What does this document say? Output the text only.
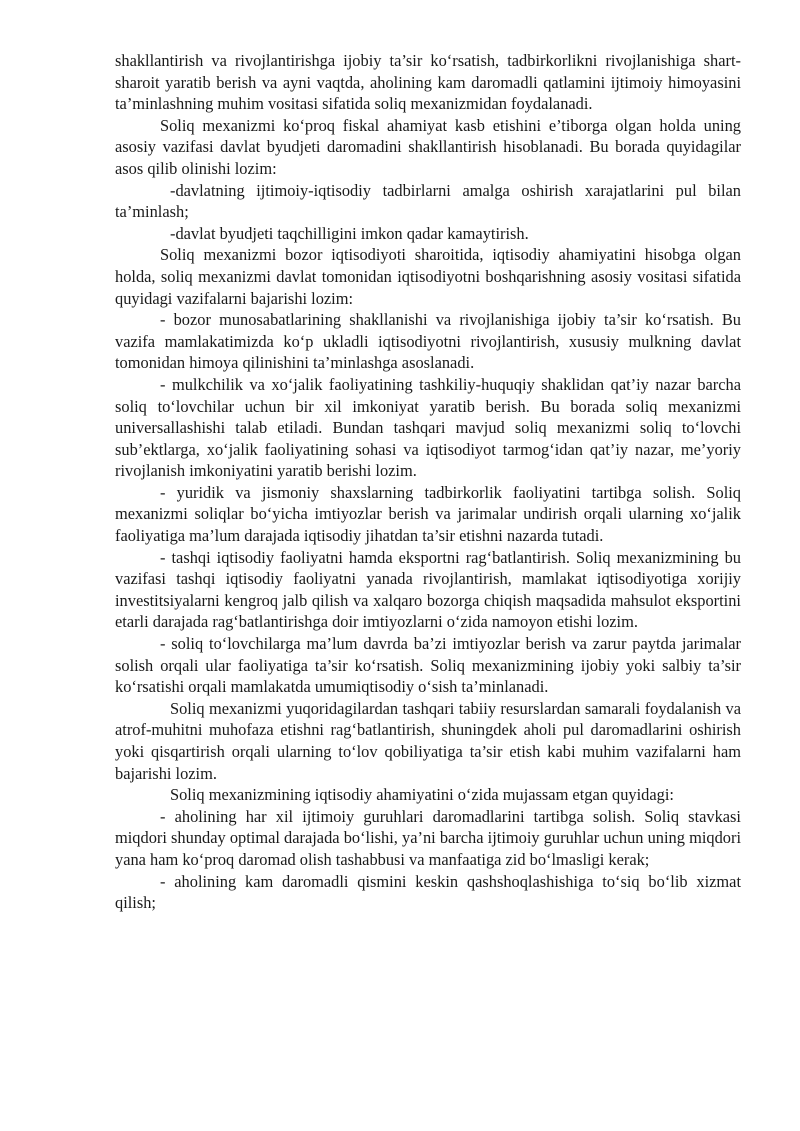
shakllantirish va rivojlantirishga ijobiy ta’sir ko‘rsatish, tadbirkorlikni rivojlanishiga shart-sharoit yaratib berish va ayni vaqtda, aholining kam daromadli qatlamini ijtimoiy himoyasini ta’minlashning muhim vositasi sifatida soliq mexanizmidan foydalanadi.

Soliq mexanizmi ko‘proq fiskal ahamiyat kasb etishini e’tiborga olgan holda uning asosiy vazifasi davlat byudjeti daromadini shakllantirish hisoblanadi. Bu borada quyidagilar asos qilib olinishi lozim:

-davlatning ijtimoiy-iqtisodiy tadbirlarni amalga oshirish xarajatlarini pul bilan ta’minlash;

-davlat byudjeti taqchilligini imkon qadar kamaytirish.

Soliq mexanizmi bozor iqtisodiyoti sharoitida, iqtisodiy ahamiyatini hisobga olgan holda, soliq mexanizmi davlat tomonidan iqtisodiyotni boshqarishning asosiy vositasi sifatida quyidagi vazifalarni bajarishi lozim:

- bozor munosabatlarining shakllanishi va rivojlanishiga ijobiy ta’sir ko‘rsatish. Bu vazifa mamlakatimizda ko‘p ukladli iqtisodiyotni rivojlantirish, xususiy mulkning davlat tomonidan himoya qilinishini ta’minlashga asoslanadi.

- mulkchilik va xo‘jalik faoliyatining tashkiliy-huquqiy shaklidan qat’iy nazar barcha soliq to‘lovchilar uchun bir xil imkoniyat yaratib berish. Bu borada soliq mexanizmi universallashishi talab etiladi. Bundan tashqari mavjud soliq mexanizmi soliq to‘lovchi sub’ektlarga, xo‘jalik faoliyatining sohasi va iqtisodiyot tarmog‘idan qat’iy nazar, me’yoriy rivojlanish imkoniyatini yaratib berishi lozim.

- yuridik va jismoniy shaxslarning tadbirkorlik faoliyatini tartibga solish. Soliq mexanizmi soliqlar bo‘yicha imtiyozlar berish va jarimalar undirish orqali ularning xo‘jalik faoliyatiga ma’lum darajada iqtisodiy jihatdan ta’sir etishni nazarda tutadi.

- tashqi iqtisodiy faoliyatni hamda eksportni rag‘batlantirish. Soliq mexanizmining bu vazifasi tashqi iqtisodiy faoliyatni yanada rivojlantirish, mamlakat iqtisodiyotiga xorijiy investitsiyalarni kengroq jalb qilish va xalqaro bozorga chiqish maqsadida mahsulot eksportini etarli darajada rag‘batlantirishga doir imtiyozlarni o‘zida namoyon etishi lozim.

- soliq to‘lovchilarga ma’lum davrda ba’zi imtiyozlar berish va zarur paytda jarimalar solish orqali ular faoliyatiga ta’sir ko‘rsatish. Soliq mexanizmining ijobiy yoki salbiy ta’sir ko‘rsatishi orqali mamlakatda umumiqtisodiy o‘sish ta’minlanadi.

Soliq mexanizmi yuqoridagilardan tashqari tabiiy resurslardan samarali foydalanish va atrof-muhitni muhofaza etishni rag‘batlantirish, shuningdek aholi pul daromadlarini oshirish yoki qisqartirish orqali ularning to‘lov qobiliyatiga ta’sir etish kabi muhim vazifalarni ham bajarishi lozim.

Soliq mexanizmining iqtisodiy ahamiyatini o‘zida mujassam etgan quyidagi:

- aholining har xil ijtimoiy guruhlari daromadlarini tartibga solish. Soliq stavkasi miqdori shunday optimal darajada bo‘lishi, ya’ni barcha ijtimoiy guruhlar uchun uning miqdori yana ham ko‘proq daromad olish tashabbusi va manfaatiga zid bo‘lmasligi kerak;

- aholining kam daromadli qismini keskin qashshoqlashishiga to‘siq bo‘lib xizmat qilish;
